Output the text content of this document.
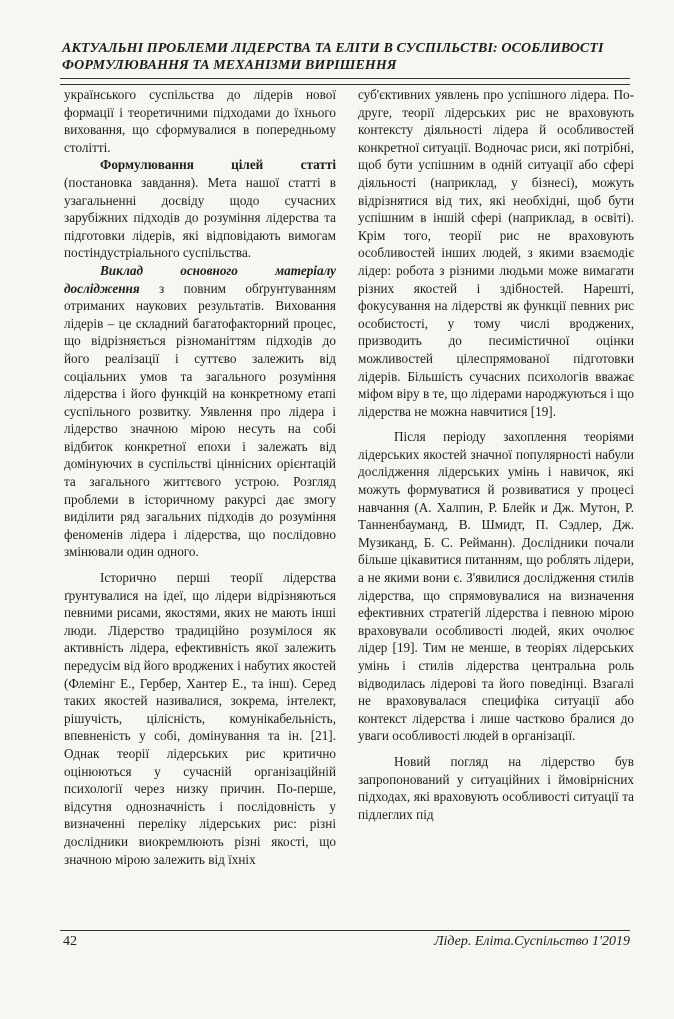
АКТУАЛЬНІ ПРОБЛЕМИ ЛІДЕРСТВА ТА ЕЛІТИ В СУСПІЛЬСТВІ: ОСОБЛИВОСТІ
ФОРМУЛЮВАННЯ ТА МЕХАНІЗМИ ВИРІШЕННЯ

українського суспільства до лідерів нової формації і теоретичними підходами до їхнього виховання, що сформувалися в попередньому столітті.

Формулювання цілей статті (постановка завдання). Мета нашої статті в узагальненні досвіду щодо сучасних зарубіжних підходів до розуміння лідерства та підготовки лідерів, які відповідають вимогам постіндустріального суспільства.

Виклад основного матеріалу дослідження з повним обґрунтуванням отриманих наукових результатів. Виховання лідерів – це складний багатофакторний процес, що відрізняється різноманіттям підходів до його реалізації і суттєво залежить від соціальних умов та загального розуміння лідерства і його функцій на конкретному етапі суспільного розвитку. Уявлення про лідера і лідерство значною мірою несуть на собі відбиток конкретної епохи і залежать від домінуючих в суспільстві ціннісних орієнтацій та загального життєвого устрою. Розгляд проблеми в історичному ракурсі дає змогу виділити ряд загальних підходів до розуміння феноменів лідера і лідерства, що послідовно змінювали один одного.

Історично перші теорії лідерства ґрунтувалися на ідеї, що лідери відрізняються певними рисами, якостями, яких не мають інші люди. Лідерство традиційно розумілося як активність лідера, ефективність якої залежить передусім від його вроджених і набутих якостей (Флемінг Е., Гербер, Хантер Е., та інш). Серед таких якостей називалися, зокрема, інтелект, рішучість, цілісність, комунікабельність, впевненість у собі, домінування та ін. [21]. Однак теорії лідерських рис критично оцінюються у сучасній організаційній психології через низку причин. По-перше, відсутня однозначність і послідовність у визначенні переліку лідерських рис: різні дослідники виокремлюють різні якості, що значною мірою залежить від їхніх

суб'єктивних уявлень про успішного лідера. По-друге, теорії лідерських рис не враховують контексту діяльності лідера й особливостей конкретної ситуації. Водночас риси, які потрібні, щоб бути успішним в одній ситуації або сфері діяльності (наприклад, у бізнесі), можуть відрізнятися від тих, які необхідні, щоб бути успішним в іншій сфері (наприклад, в освіті). Крім того, теорії рис не враховують особливостей інших людей, з якими взаємодіє лідер: робота з різними людьми може вимагати різних якостей і здібностей. Нарешті, фокусування на лідерстві як функції певних рис особистості, у тому числі вроджених, призводить до песимістичної оцінки можливостей цілеспрямованої підготовки лідерів. Більшість сучасних психологів вважає міфом віру в те, що лідерами народжуються і що лідерства не можна навчитися [19].

Після періоду захоплення теоріями лідерських якостей значної популярності набули дослідження лідерських умінь і навичок, які можуть формуватися й розвиватися у процесі навчання (А. Халпин, Р. Блейк и Дж. Мутон, Р. Танненбауманд, В. Шмидт, П. Сэдлер, Дж. Музиканд, Б. С. Рейманн). Дослідники почали більше цікавитися питанням, що роблять лідери, а не якими вони є. З'явилися дослідження стилів лідерства, що спрямовувалися на визначення ефективних стратегій лідерства і певною мірою враховували особливості людей, яких очолює лідер [19]. Тим не менше, в теоріях лідерських умінь і стилів лідерства центральна роль відводилась лідерові та його поведінці. Взагалі не враховувалася специфіка ситуації або контекст лідерства і лише частково бралися до уваги особливості людей в організації.

Новий погляд на лідерство був запропонований у ситуаційних і ймовірнісних підходах, які враховують особливості ситуації та підлеглих під

42	Лідер. Еліта.Суспільство 1'2019
